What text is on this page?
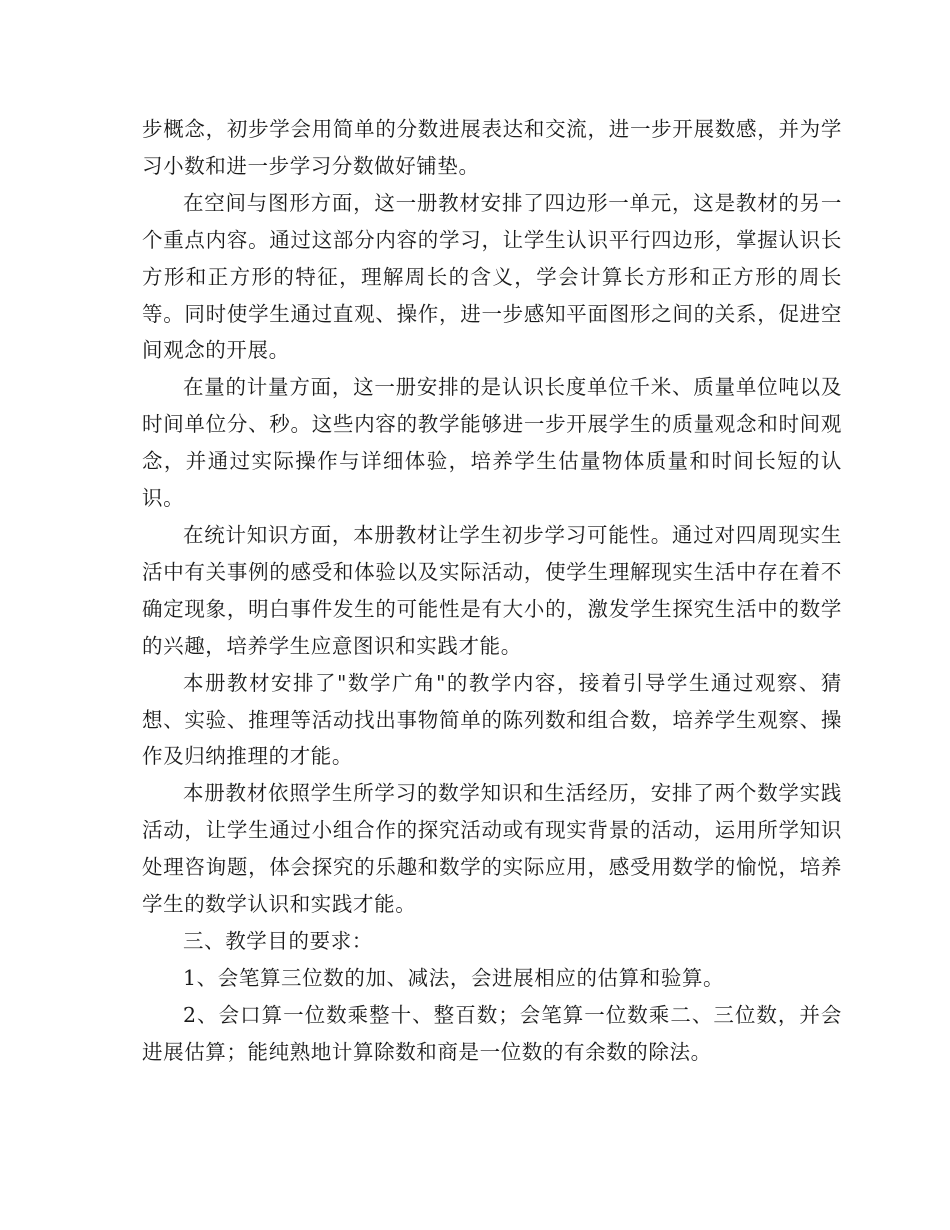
步概念，初步学会用简单的分数进展表达和交流，进一步开展数感，并为学习小数和进一步学习分数做好铺垫。

在空间与图形方面，这一册教材安排了四边形一单元，这是教材的另一个重点内容。通过这部分内容的学习，让学生认识平行四边形，掌握认识长方形和正方形的特征，理解周长的含义，学会计算长方形和正方形的周长等。同时使学生通过直观、操作，进一步感知平面图形之间的关系，促进空间观念的开展。

在量的计量方面，这一册安排的是认识长度单位千米、质量单位吨以及时间单位分、秒。这些内容的教学能够进一步开展学生的质量观念和时间观念，并通过实际操作与详细体验，培养学生估量物体质量和时间长短的认识。

在统计知识方面，本册教材让学生初步学习可能性。通过对四周现实生活中有关事例的感受和体验以及实际活动，使学生理解现实生活中存在着不确定现象，明白事件发生的可能性是有大小的，激发学生探究生活中的数学的兴趣，培养学生应意图识和实践才能。

本册教材安排了"数学广角"的教学内容，接着引导学生通过观察、猜想、实验、推理等活动找出事物简单的陈列数和组合数，培养学生观察、操作及归纳推理的才能。

本册教材依照学生所学习的数学知识和生活经历，安排了两个数学实践活动，让学生通过小组合作的探究活动或有现实背景的活动，运用所学知识处理咨询题，体会探究的乐趣和数学的实际应用，感受用数学的愉悦，培养学生的数学认识和实践才能。

三、教学目的要求：

1、会笔算三位数的加、减法，会进展相应的估算和验算。

2、会口算一位数乘整十、整百数；会笔算一位数乘二、三位数，并会进展估算；能纯熟地计算除数和商是一位数的有余数的除法。
